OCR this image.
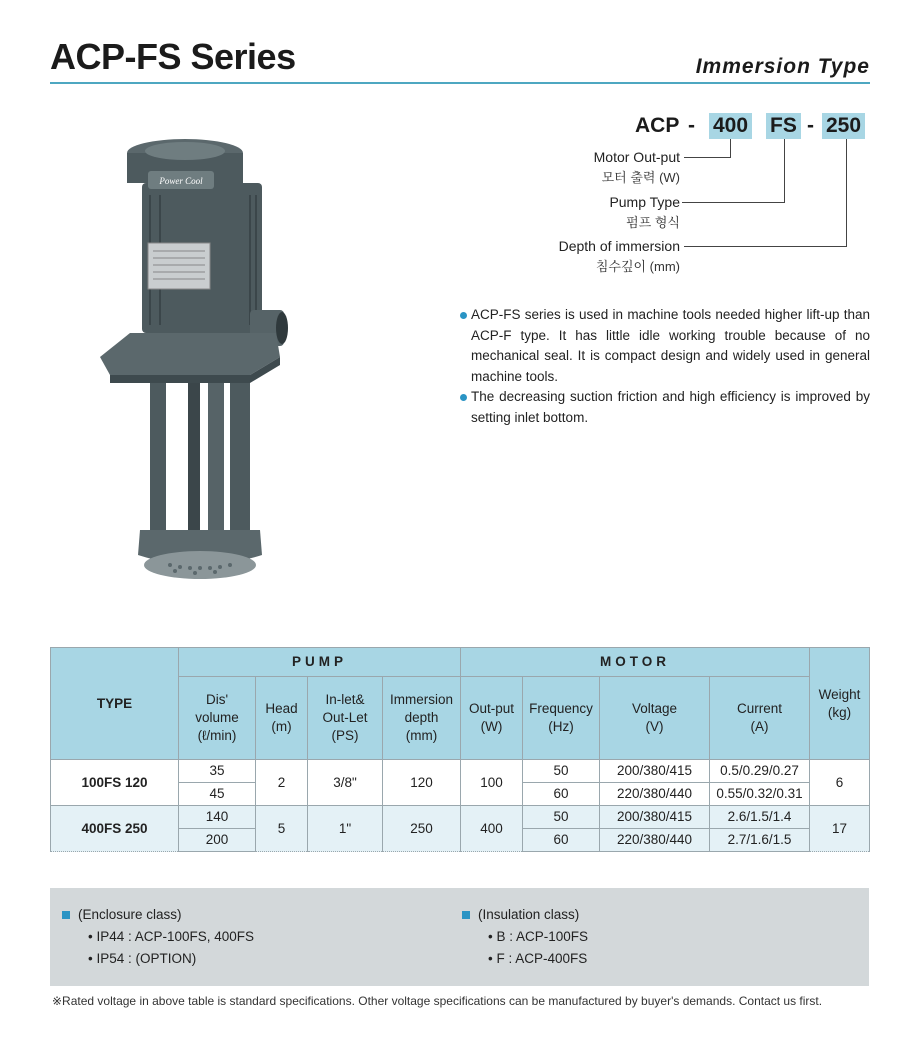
ACP-FS Series	Immersion Type
Power Cool
ACP - 400 FS - 250
Motor Out-put
모터 출력 (W)
Pump Type
펌프 형식
Depth of immersion
침수깊이 (mm)
ACP-FS series is used in machine tools needed higher lift-up than ACP-F type. It has little idle working trouble because of no mechanical seal. It is compact design and widely used in general machine tools.
The decreasing suction friction and high efficiency is improved by setting inlet bottom.
TYPE	PUMP				MOTOR				Weight
(kg)
	Dis'
volume
(ℓ/min)	Head
(m)	In-let&
Out-Let
(PS)	Immersion
depth
(mm)	Out-put
(W)	Frequency
(Hz)	Voltage
(V)	Current
(A)	
100FS 120	35	2	3/8"	120	100	50	200/380/415	0.5/0.29/0.27	6
	45					60	220/380/440	0.55/0.32/0.31	
400FS 250	140	5	1"	250	400	50	200/380/415	2.6/1.5/1.4	17
	200					60	220/380/440	2.7/1.6/1.5	
(Enclosure class)
• IP44 : ACP-100FS, 400FS
• IP54 : (OPTION)
(Insulation class)
• B : ACP-100FS
• F : ACP-400FS
※Rated voltage in above table is standard specifications. Other voltage specifications can be manufactured by buyer's demands. Contact us first.
